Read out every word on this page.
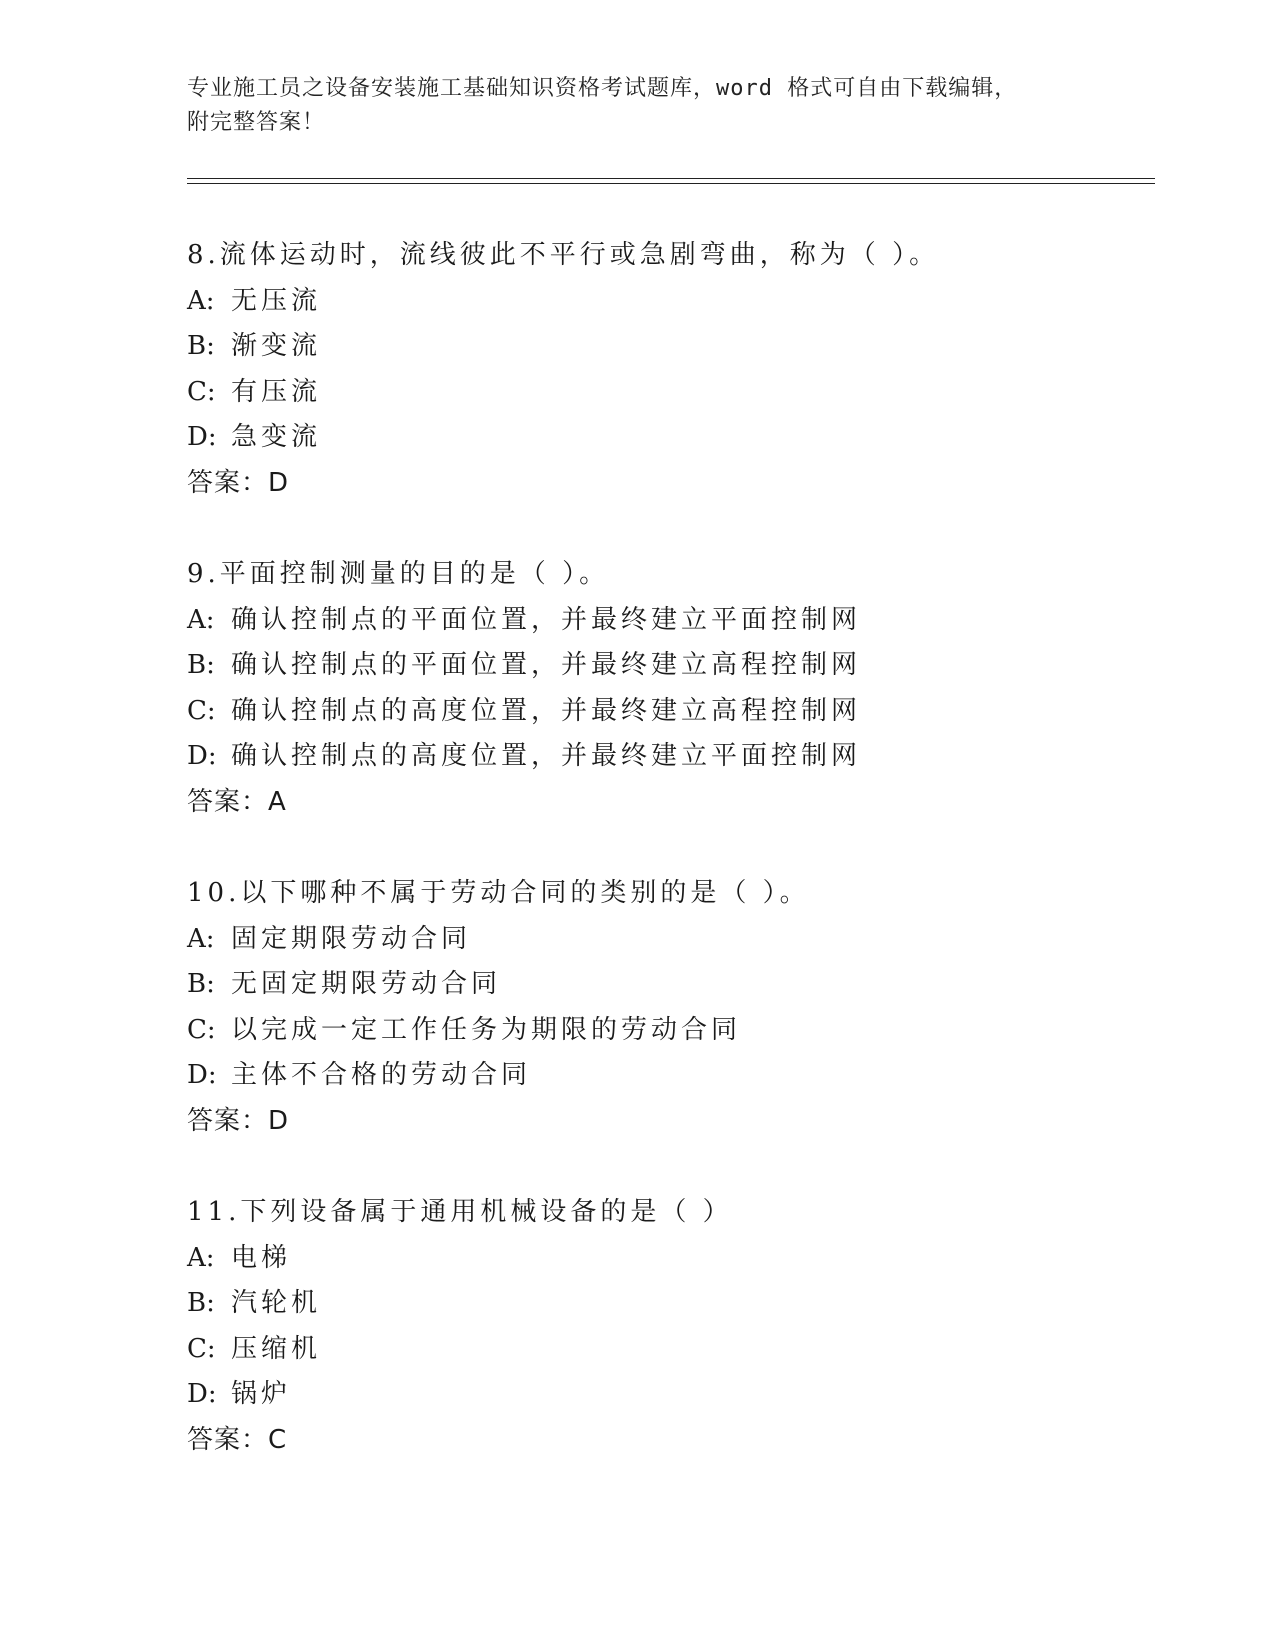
专业施工员之设备安装施工基础知识资格考试题库，word 格式可自由下载编辑，
附完整答案！
8.流体运动时，流线彼此不平行或急剧弯曲，称为（ ）。
A: 无压流
B: 渐变流
C: 有压流
D: 急变流
答案：D
9.平面控制测量的目的是（ ）。
A: 确认控制点的平面位置，并最终建立平面控制网
B: 确认控制点的平面位置，并最终建立高程控制网
C: 确认控制点的高度位置，并最终建立高程控制网
D: 确认控制点的高度位置，并最终建立平面控制网
答案：A
10.以下哪种不属于劳动合同的类别的是（ ）。
A: 固定期限劳动合同
B: 无固定期限劳动合同
C: 以完成一定工作任务为期限的劳动合同
D: 主体不合格的劳动合同
答案：D
11.下列设备属于通用机械设备的是（ ）
A: 电梯
B: 汽轮机
C: 压缩机
D: 锅炉
答案：C
